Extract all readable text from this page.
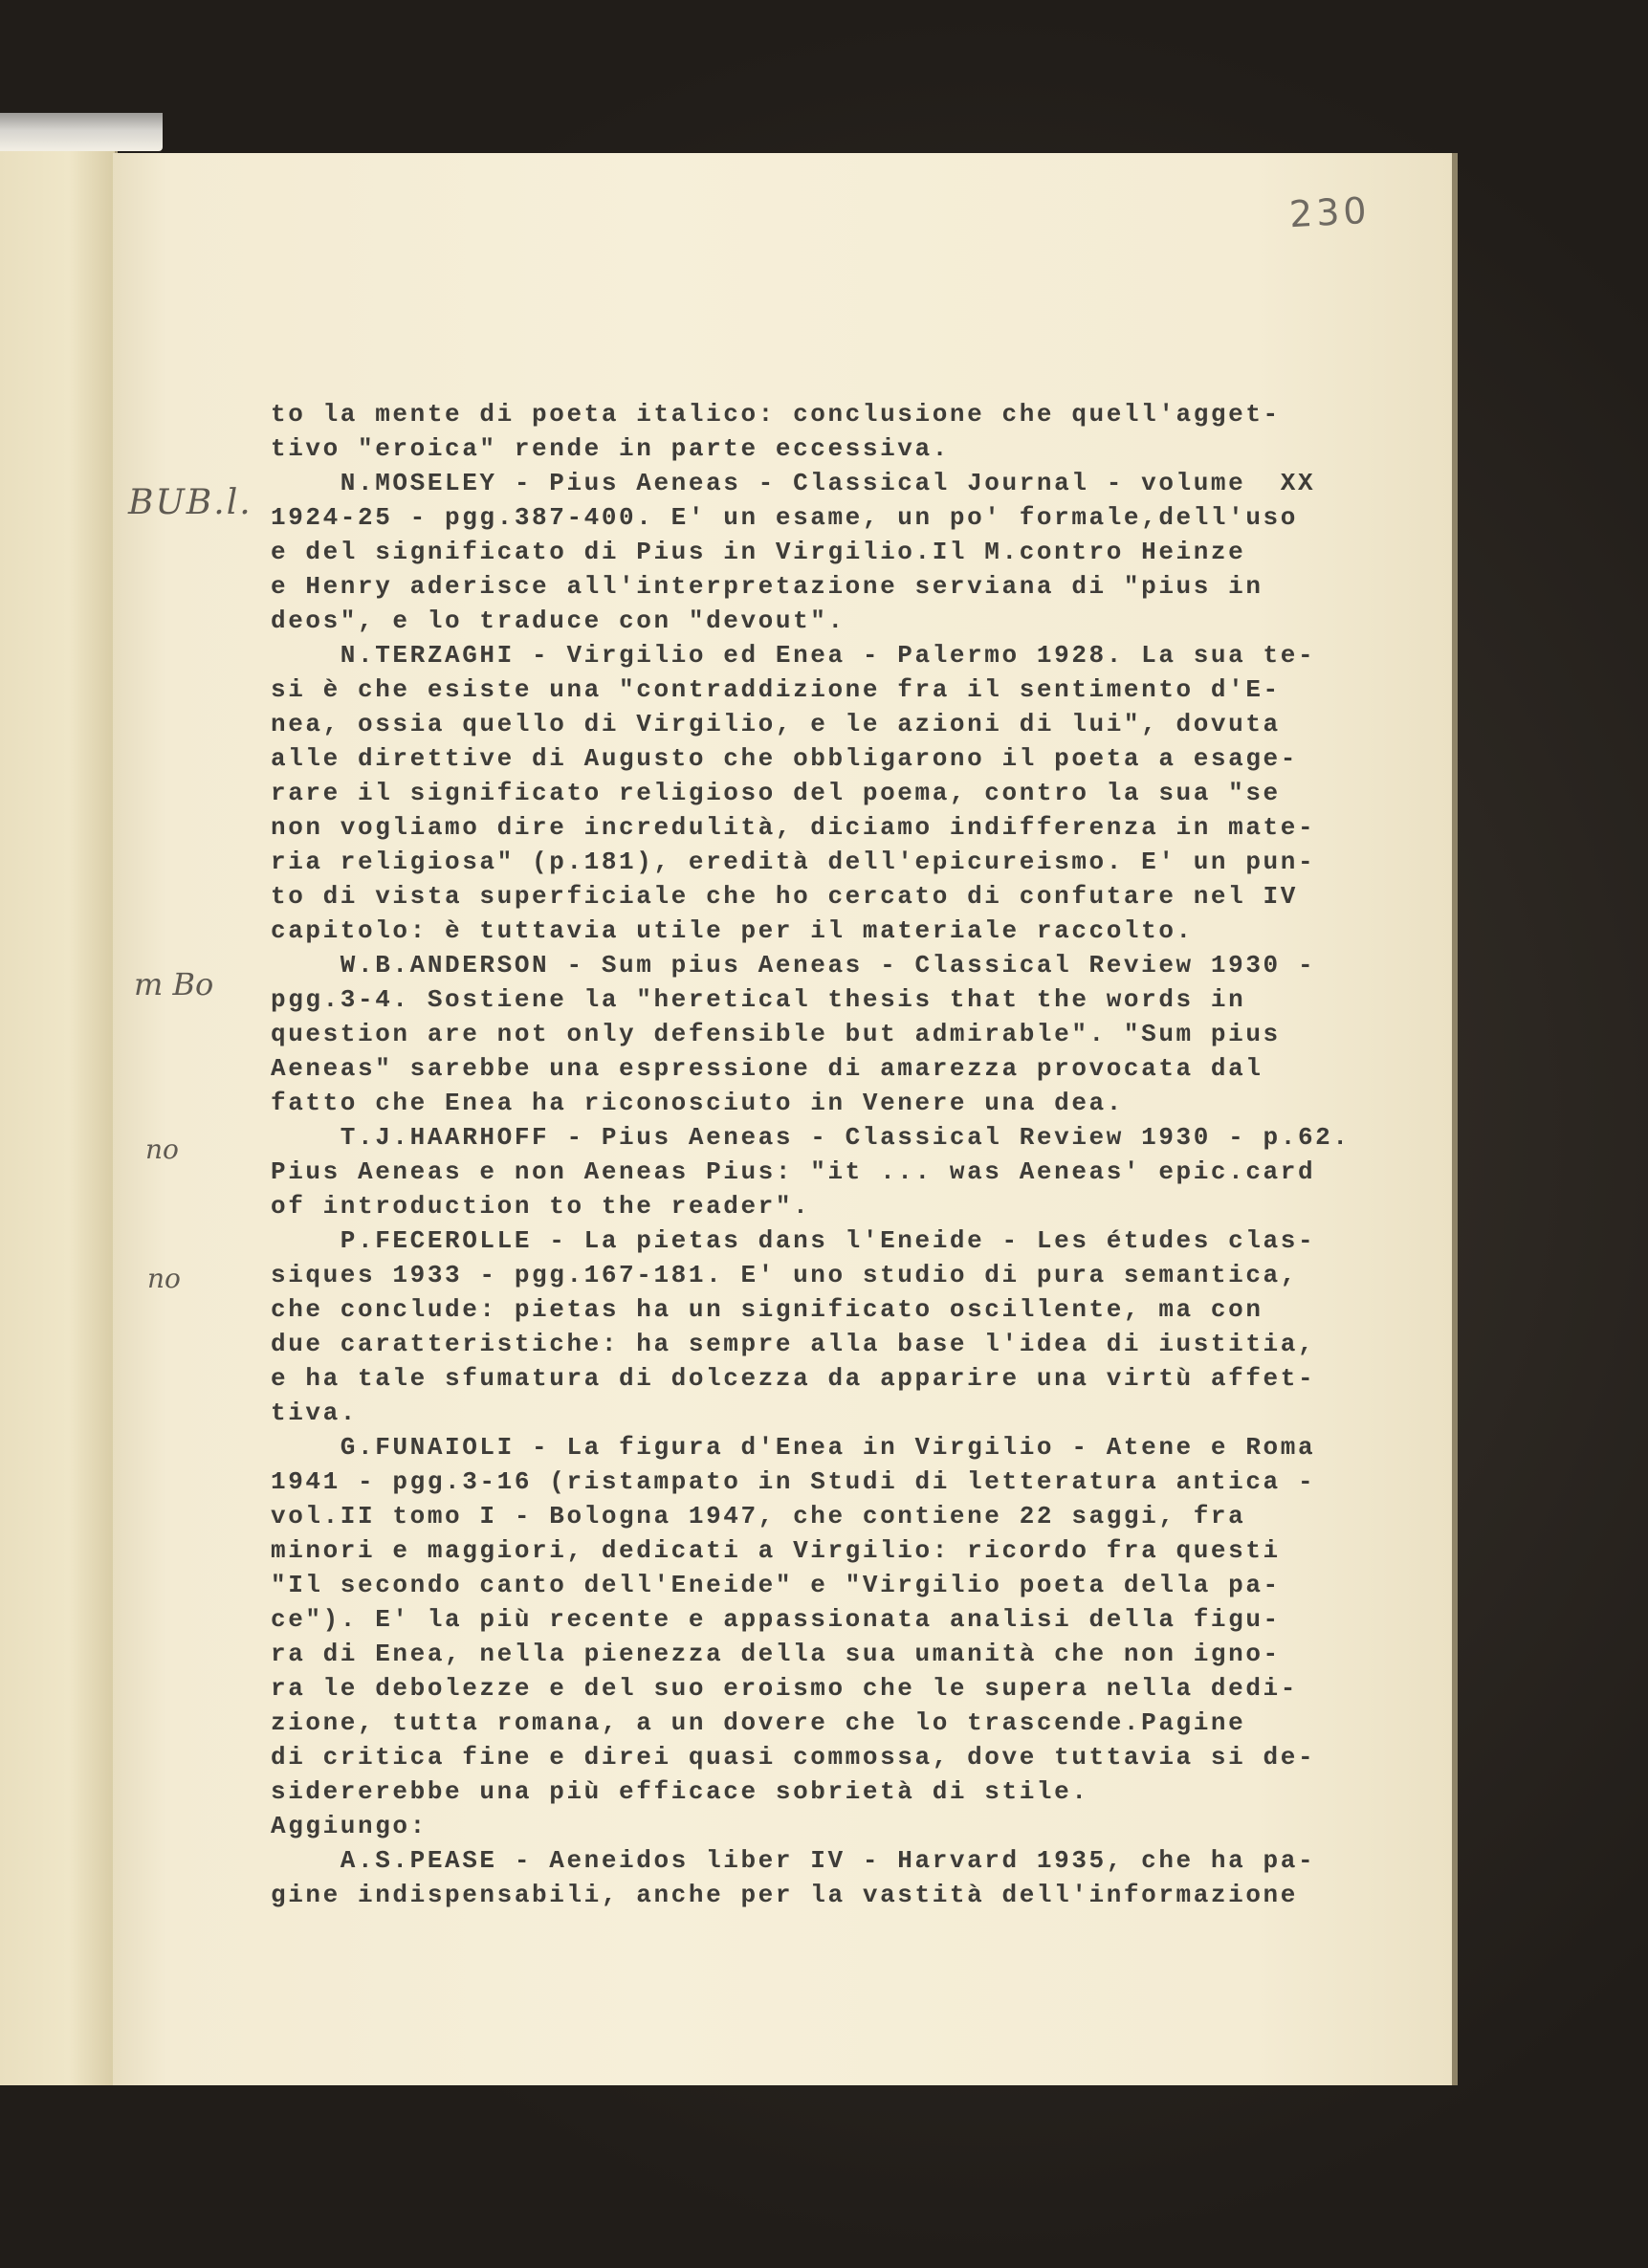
230
BUB.l.
m Bo
no
no
to la mente di poeta italico: conclusione che quell'agget-
tivo "eroica" rende in parte eccessiva.
N.MOSELEY - Pius Aeneas - Classical Journal - volume  XX
1924-25 - pgg.387-400. E' un esame, un po' formale,dell'uso
e del significato di Pius in Virgilio.Il M.contro Heinze
e Henry aderisce all'interpretazione serviana di "pius in
deos", e lo traduce con "devout".
N.TERZAGHI - Virgilio ed Enea - Palermo 1928. La sua te-
si è che esiste una "contraddizione fra il sentimento d'E-
nea, ossia quello di Virgilio, e le azioni di lui", dovuta
alle direttive di Augusto che obbligarono il poeta a esage-
rare il significato religioso del poema, contro la sua "se
non vogliamo dire incredulità, diciamo indifferenza in mate-
ria religiosa" (p.181), eredità dell'epicureismo. E' un pun-
to di vista superficiale che ho cercato di confutare nel IV
capitolo: è tuttavia utile per il materiale raccolto.
W.B.ANDERSON - Sum pius Aeneas - Classical Review 1930 -
pgg.3-4. Sostiene la "heretical thesis that the words in
question are not only defensible but admirable". "Sum pius
Aeneas" sarebbe una espressione di amarezza provocata dal
fatto che Enea ha riconosciuto in Venere una dea.
T.J.HAARHOFF - Pius Aeneas - Classical Review 1930 - p.62.
Pius Aeneas e non Aeneas Pius: "it ... was Aeneas' epic.card
of introduction to the reader".
P.FECEROLLE - La pietas dans l'Eneide - Les études clas-
siques 1933 - pgg.167-181. E' uno studio di pura semantica,
che conclude: pietas ha un significato oscillente, ma con
due caratteristiche: ha sempre alla base l'idea di iustitia,
e ha tale sfumatura di dolcezza da apparire una virtù affet-
tiva.
G.FUNAIOLI - La figura d'Enea in Virgilio - Atene e Roma
1941 - pgg.3-16 (ristampato in Studi di letteratura antica -
vol.II tomo I - Bologna 1947, che contiene 22 saggi, fra
minori e maggiori, dedicati a Virgilio: ricordo fra questi
"Il secondo canto dell'Eneide" e "Virgilio poeta della pa-
ce"). E' la più recente e appassionata analisi della figu-
ra di Enea, nella pienezza della sua umanità che non igno-
ra le debolezze e del suo eroismo che le supera nella dedi-
zione, tutta romana, a un dovere che lo trascende.Pagine
di critica fine e direi quasi commossa, dove tuttavia si de-
sidererebbe una più efficace sobrietà di stile.
Aggiungo:
A.S.PEASE - Aeneidos liber IV - Harvard 1935, che ha pa-
gine indispensabili, anche per la vastità dell'informazione
